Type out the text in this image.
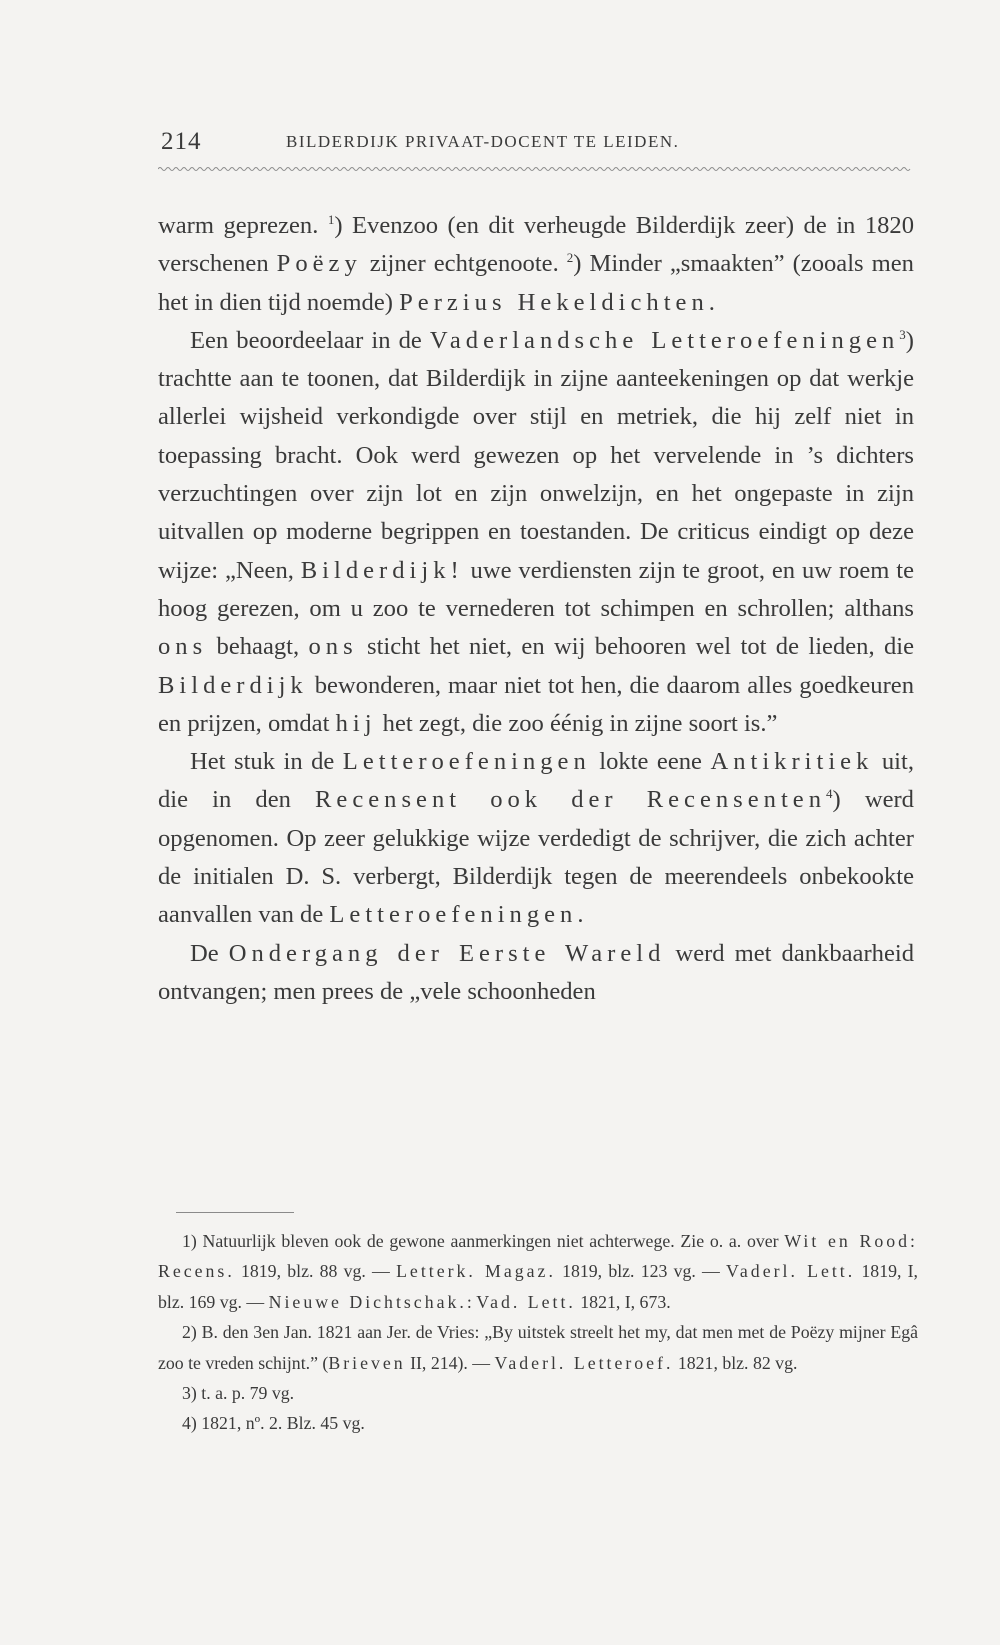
214	BILDERDIJK PRIVAAT-DOCENT TE LEIDEN.

warm geprezen. $^1$) Evenzoo (en dit verheugde Bilderdijk zeer) de in 1820 verschenen Poëzy zijner echtgenoote. $^2$) Minder „smaakten” (zooals men het in dien tijd noemde) Perzius Hekeldichten.

Een beoordeelaar in de Vaderlandsche Letteroefeningen$^3$) trachtte aan te toonen, dat Bilderdijk in zijne aanteekeningen op dat werkje allerlei wijsheid verkondigde over stijl en metriek, die hij zelf niet in toepassing bracht. Ook werd gewezen op het vervelende in ’s dichters verzuchtingen over zijn lot en zijn onwelzijn, en het ongepaste in zijn uitvallen op moderne begrippen en toestanden. De criticus eindigt op deze wijze: „Neen, Bilderdijk! uwe verdiensten zijn te groot, en uw roem te hoog gerezen, om u zoo te vernederen tot schimpen en schrollen; althans ons behaagt, ons sticht het niet, en wij behooren wel tot de lieden, die Bilderdijk bewonderen, maar niet tot hen, die daarom alles goedkeuren en prijzen, omdat hij het zegt, die zoo éénig in zijne soort is.”

Het stuk in de Letteroefeningen lokte eene Antikritiek uit, die in den Recensent ook der Recensenten$^4$) werd opgenomen. Op zeer gelukkige wijze verdedigt de schrijver, die zich achter de initialen D. S. verbergt, Bilderdijk tegen de meerendeels onbekookte aanvallen van de Letteroefeningen.

De Ondergang der Eerste Wareld werd met dankbaarheid ontvangen; men prees de „vele schoonheden

1) Natuurlijk bleven ook de gewone aanmerkingen niet achterwege. Zie o. a. over Wit en Rood: Recens. 1819, blz. 88 vg. — Letterk. Magaz. 1819, blz. 123 vg. — Vaderl. Lett. 1819, I, blz. 169 vg. — Nieuwe Dichtschak.: Vad. Lett. 1821, I, 673.

2) B. den 3en Jan. 1821 aan Jer. de Vries: „By uitstek streelt het my, dat men met de Poëzy mijner Egâ zoo te vreden schijnt.” (Brieven II, 214). — Vaderl. Letteroef. 1821, blz. 82 vg.

3) t. a. p. 79 vg.

4) 1821, nº. 2. Blz. 45 vg.
